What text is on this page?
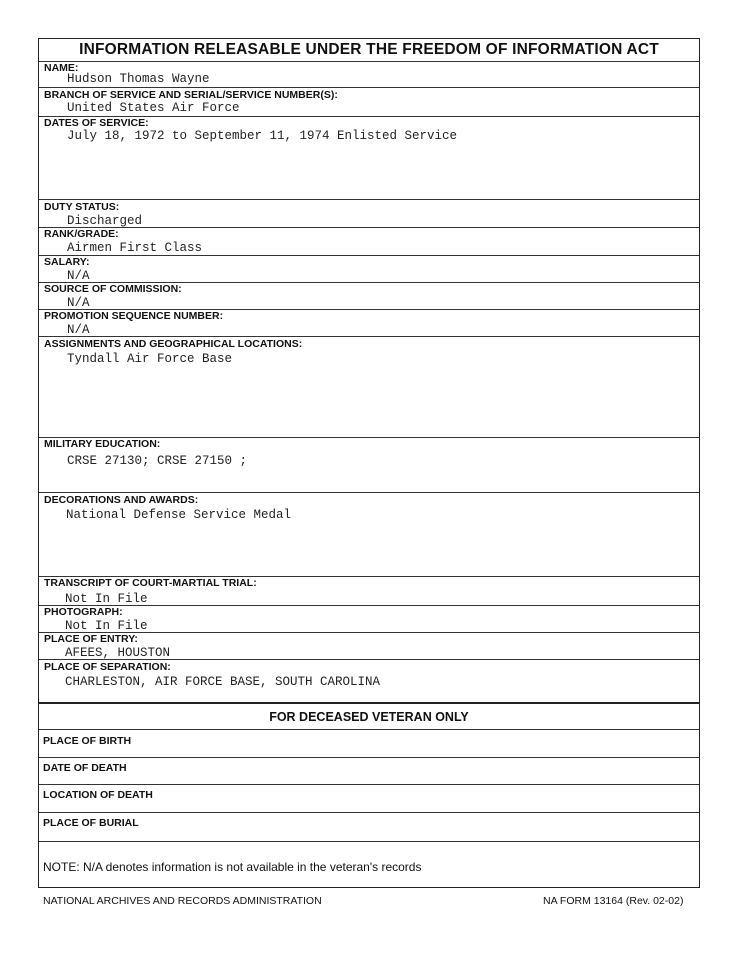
INFORMATION RELEASABLE UNDER THE FREEDOM OF INFORMATION ACT
NAME:
Hudson Thomas Wayne
BRANCH OF SERVICE AND SERIAL/SERVICE NUMBER(S):
United States Air Force
DATES OF SERVICE:
July 18, 1972 to September 11, 1974 Enlisted Service
DUTY STATUS:
Discharged
RANK/GRADE:
Airmen First Class
SALARY:
N/A
SOURCE OF COMMISSION:
N/A
PROMOTION SEQUENCE NUMBER:
N/A
ASSIGNMENTS AND GEOGRAPHICAL LOCATIONS:
Tyndall Air Force Base
MILITARY EDUCATION:
CRSE 27130; CRSE 27150 ;
DECORATIONS AND AWARDS:
National Defense Service Medal
TRANSCRIPT OF COURT-MARTIAL TRIAL:
Not In File
PHOTOGRAPH:
Not In File
PLACE OF ENTRY:
AFEES, HOUSTON
PLACE OF SEPARATION:
CHARLESTON, AIR FORCE BASE, SOUTH CAROLINA
FOR DECEASED VETERAN ONLY
PLACE OF BIRTH
DATE OF DEATH
LOCATION OF DEATH
PLACE OF BURIAL
NOTE: N/A denotes information is not available in the veteran's records
NATIONAL ARCHIVES AND RECORDS ADMINISTRATION	NA FORM 13164 (Rev. 02-02)
